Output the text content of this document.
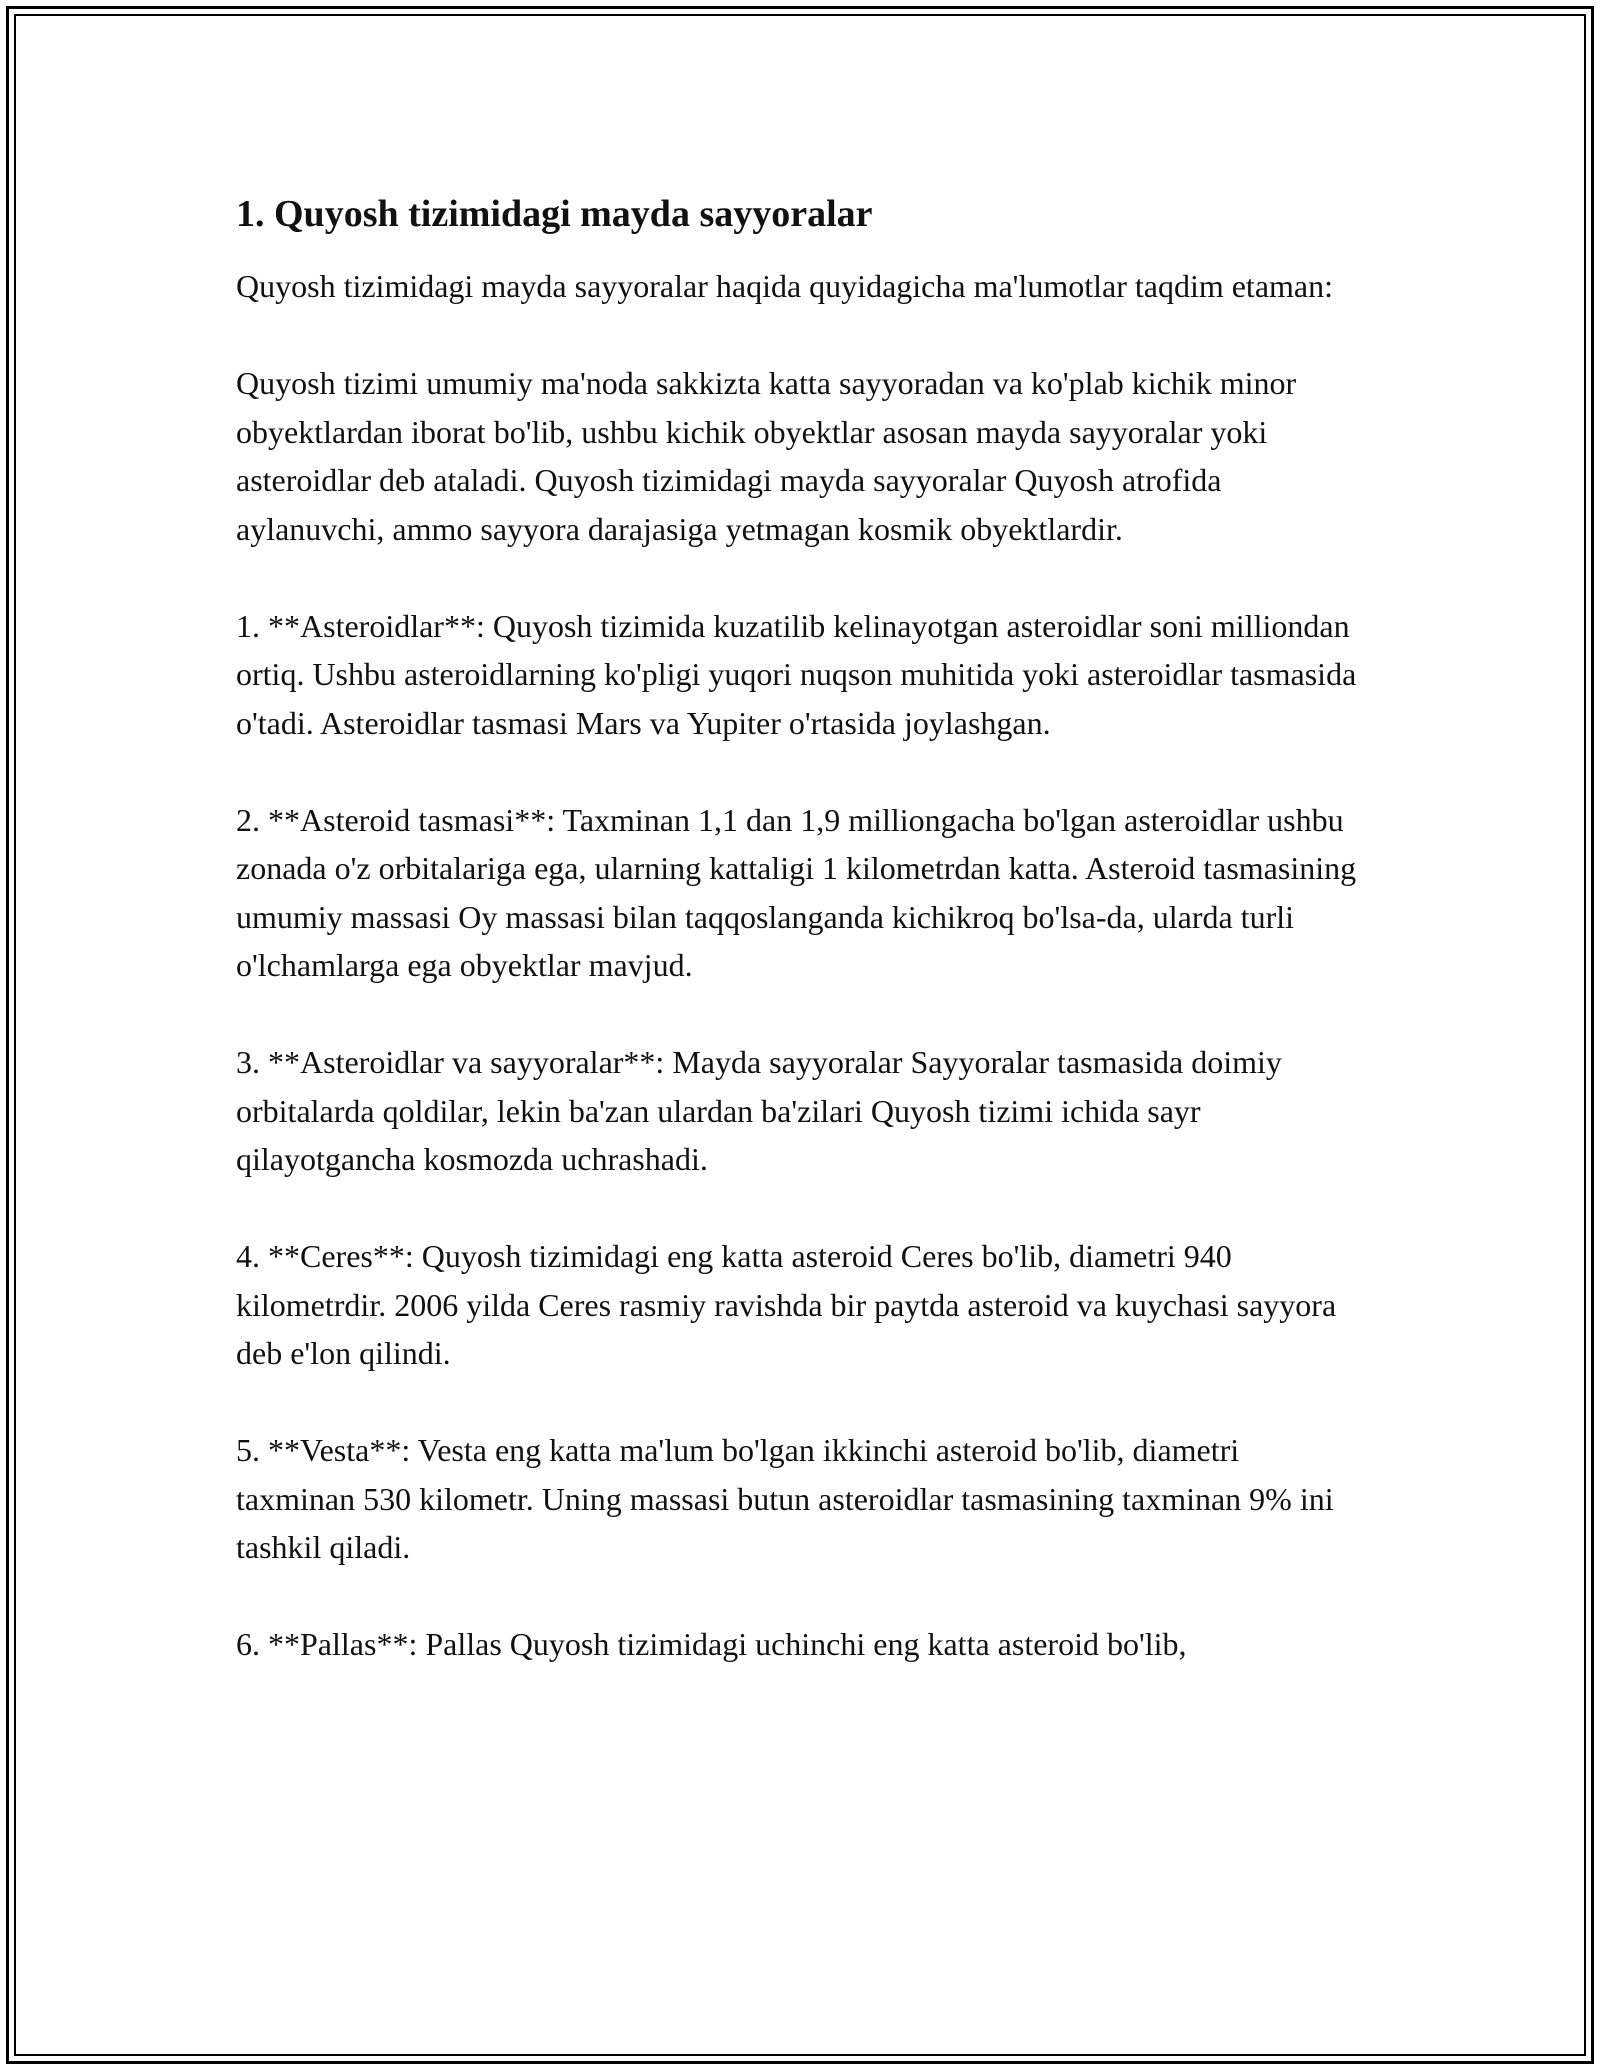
1. Quyosh tizimidagi mayda sayyoralar

Quyosh tizimidagi mayda sayyoralar haqida quyidagicha ma'lumotlar taqdim etaman:

Quyosh tizimi umumiy ma'noda sakkizta katta sayyoradan va ko'plab kichik minor obyektlardan iborat bo'lib, ushbu kichik obyektlar asosan mayda sayyoralar yoki asteroidlar deb ataladi. Quyosh tizimidagi mayda sayyoralar Quyosh atrofida aylanuvchi, ammo sayyora darajasiga yetmagan kosmik obyektlardir.

1. **Asteroidlar**: Quyosh tizimida kuzatilib kelinayotgan asteroidlar soni milliondan ortiq. Ushbu asteroidlarning ko'pligi yuqori nuqson muhitida yoki asteroidlar tasmasida o'tadi. Asteroidlar tasmasi Mars va Yupiter o'rtasida joylashgan.

2. **Asteroid tasmasi**: Taxminan 1,1 dan 1,9 milliongacha bo'lgan asteroidlar ushbu zonada o'z orbitalariga ega, ularning kattaligi 1 kilometrdan katta. Asteroid tasmasining umumiy massasi Oy massasi bilan taqqoslanganda kichikroq bo'lsa-da, ularda turli o'lchamlarga ega obyektlar mavjud.

3. **Asteroidlar va sayyoralar**: Mayda sayyoralar Sayyoralar tasmasida doimiy orbitalarda qoldilar, lekin ba'zan ulardan ba'zilari Quyosh tizimi ichida sayr qilayotgancha kosmozda uchrashadi.

4. **Ceres**: Quyosh tizimidagi eng katta asteroid Ceres bo'lib, diametri 940 kilometrdir. 2006 yilda Ceres rasmiy ravishda bir paytda asteroid va kuychasi sayyora deb e'lon qilindi.

5. **Vesta**: Vesta eng katta ma'lum bo'lgan ikkinchi asteroid bo'lib, diametri taxminan 530 kilometr. Uning massasi butun asteroidlar tasmasining taxminan 9% ini tashkil qiladi.

6. **Pallas**: Pallas Quyosh tizimidagi uchinchi eng katta asteroid bo'lib,
